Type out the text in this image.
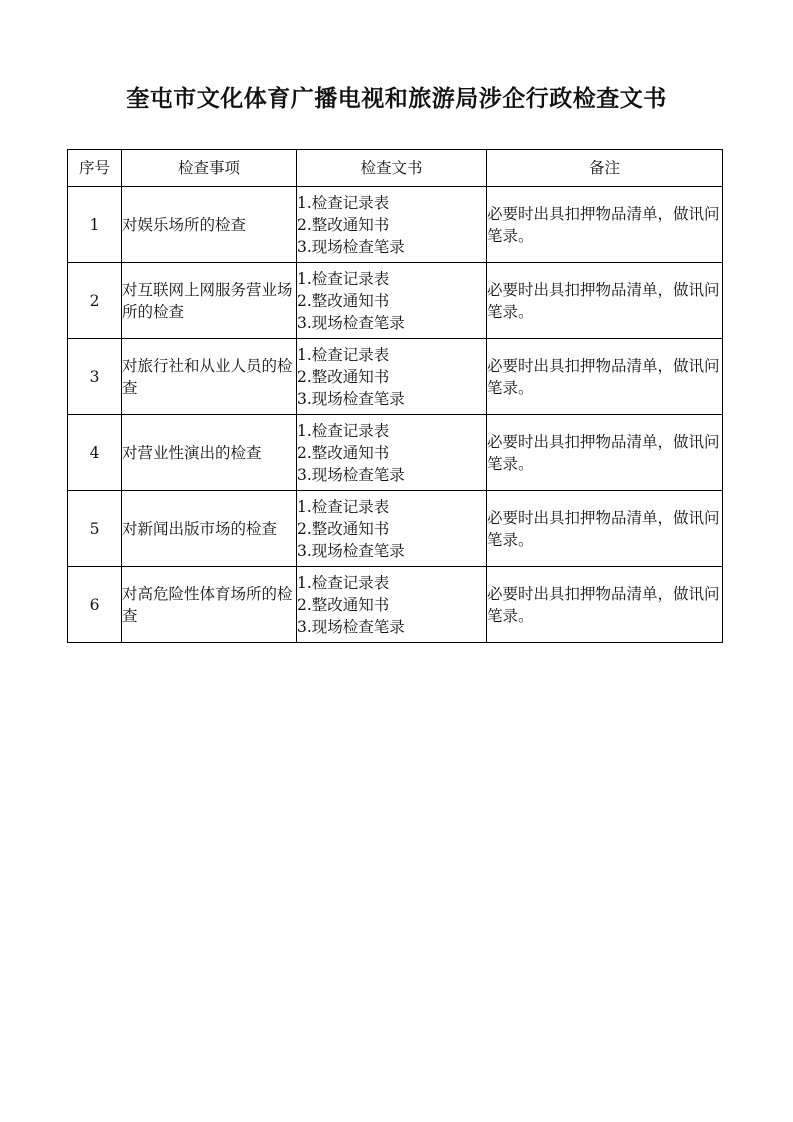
奎屯市文化体育广播电视和旅游局涉企行政检查文书
序号	检查事项	检查文书	备注
1	对娱乐场所的检查	1.检查记录表
2.整改通知书
3.现场检查笔录	必要时出具扣押物品清单，做讯问笔录。
2	对互联网上网服务营业场所的检查	1.检查记录表
2.整改通知书
3.现场检查笔录	必要时出具扣押物品清单，做讯问笔录。
3	对旅行社和从业人员的检查	1.检查记录表
2.整改通知书
3.现场检查笔录	必要时出具扣押物品清单，做讯问笔录。
4	对营业性演出的检查	1.检查记录表
2.整改通知书
3.现场检查笔录	必要时出具扣押物品清单，做讯问笔录。
5	对新闻出版市场的检查	1.检查记录表
2.整改通知书
3.现场检查笔录	必要时出具扣押物品清单，做讯问笔录。
6	对高危险性体育场所的检查	1.检查记录表
2.整改通知书
3.现场检查笔录	必要时出具扣押物品清单，做讯问笔录。
